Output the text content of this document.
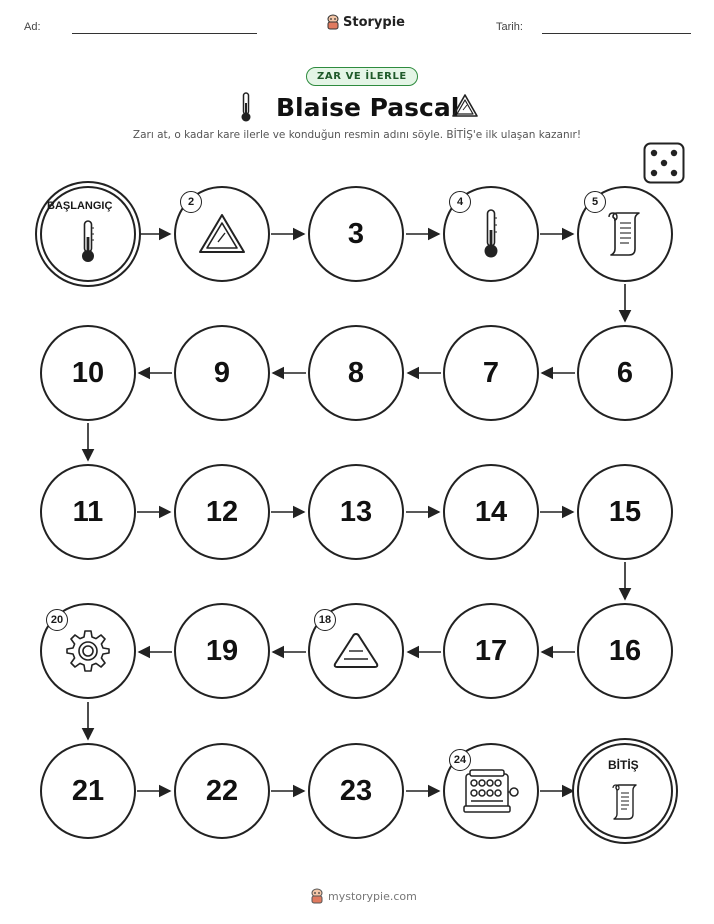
Ad:	Storypie	Tarih:
ZAR VE İLERLE
Blaise Pascal
Zarı at, o kadar kare ilerle ve konduğun resmin adını söyle. BİTİŞ'e ilk ulaşan kazanır!
BAŞLANGIÇ	2
3
4	5
10	9	8	7	6
11	12	13	14	15
20
19
18
17	16
21	22	23
24	BİTİŞ
mystorypie.com
